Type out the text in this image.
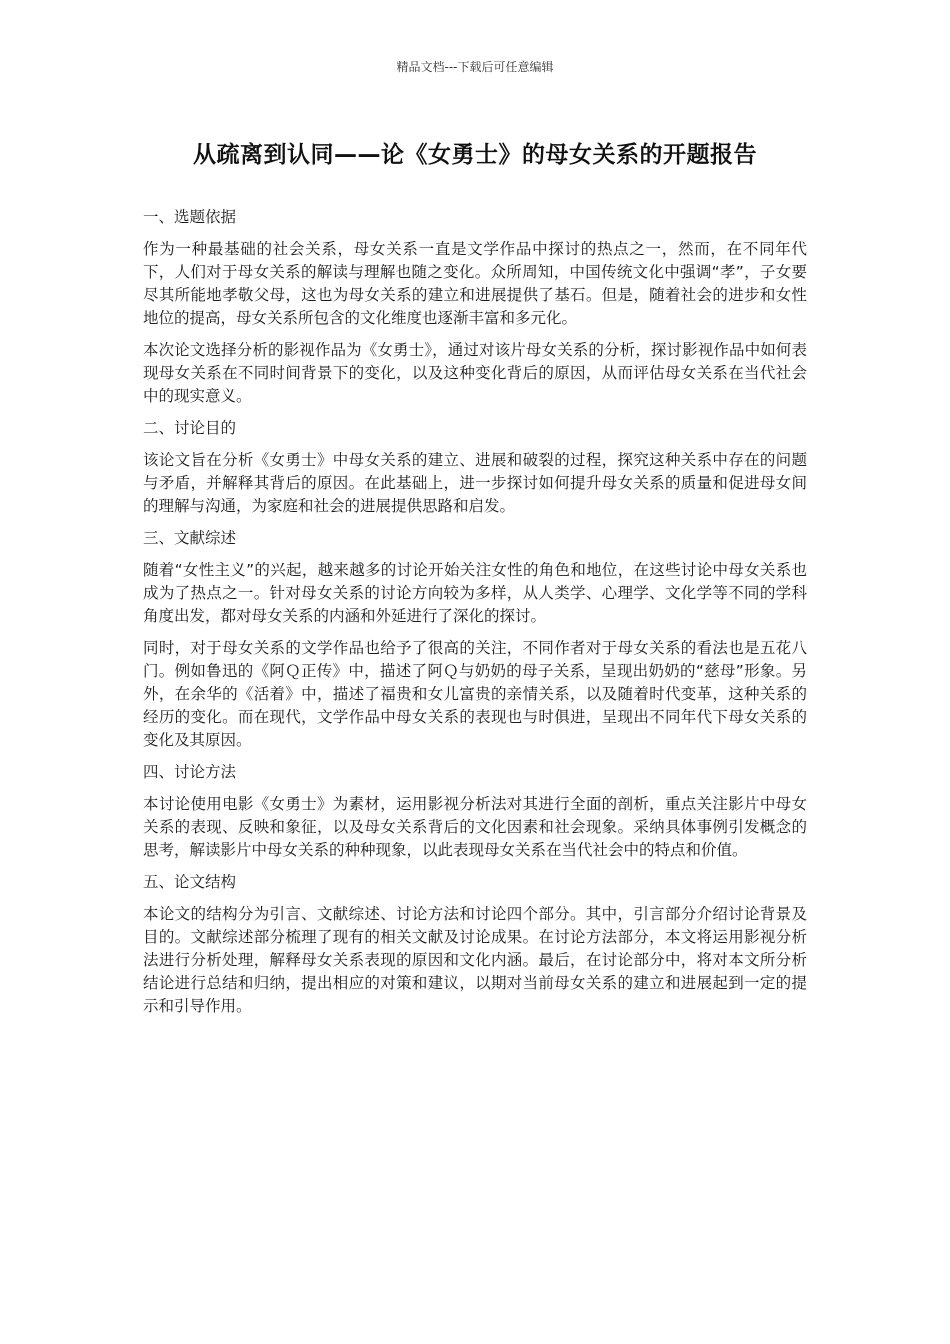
精品文档---下载后可任意编辑
从疏离到认同——论《女勇士》的母女关系的开题报告
一、选题依据

作为一种最基础的社会关系，母女关系一直是文学作品中探讨的热点之一，然而，在不同年代下，人们对于母女关系的解读与理解也随之变化。众所周知，中国传统文化中强调“孝”，子女要尽其所能地孝敬父母，这也为母女关系的建立和进展提供了基石。但是，随着社会的进步和女性地位的提高，母女关系所包含的文化维度也逐渐丰富和多元化。

本次论文选择分析的影视作品为《女勇士》，通过对该片母女关系的分析，探讨影视作品中如何表现母女关系在不同时间背景下的变化，以及这种变化背后的原因，从而评估母女关系在当代社会中的现实意义。

二、讨论目的

该论文旨在分析《女勇士》中母女关系的建立、进展和破裂的过程，探究这种关系中存在的问题与矛盾，并解释其背后的原因。在此基础上，进一步探讨如何提升母女关系的质量和促进母女间的理解与沟通，为家庭和社会的进展提供思路和启发。

三、文献综述

随着“女性主义”的兴起，越来越多的讨论开始关注女性的角色和地位，在这些讨论中母女关系也成为了热点之一。针对母女关系的讨论方向较为多样，从人类学、心理学、文化学等不同的学科角度出发，都对母女关系的内涵和外延进行了深化的探讨。

同时，对于母女关系的文学作品也给予了很高的关注，不同作者对于母女关系的看法也是五花八门。例如鲁迅的《阿Ｑ正传》中，描述了阿Ｑ与奶奶的母子关系，呈现出奶奶的“慈母”形象。另外，在余华的《活着》中，描述了福贵和女儿富贵的亲情关系，以及随着时代变革，这种关系的经历的变化。而在现代，文学作品中母女关系的表现也与时俱进，呈现出不同年代下母女关系的变化及其原因。

四、讨论方法

本讨论使用电影《女勇士》为素材，运用影视分析法对其进行全面的剖析，重点关注影片中母女关系的表现、反映和象征，以及母女关系背后的文化因素和社会现象。采纳具体事例引发概念的思考，解读影片中母女关系的种种现象，以此表现母女关系在当代社会中的特点和价值。

五、论文结构

本论文的结构分为引言、文献综述、讨论方法和讨论四个部分。其中，引言部分介绍讨论背景及目的。文献综述部分梳理了现有的相关文献及讨论成果。在讨论方法部分，本文将运用影视分析法进行分析处理，解释母女关系表现的原因和文化内涵。最后，在讨论部分中，将对本文所分析结论进行总结和归纳，提出相应的对策和建议，以期对当前母女关系的建立和进展起到一定的提示和引导作用。
